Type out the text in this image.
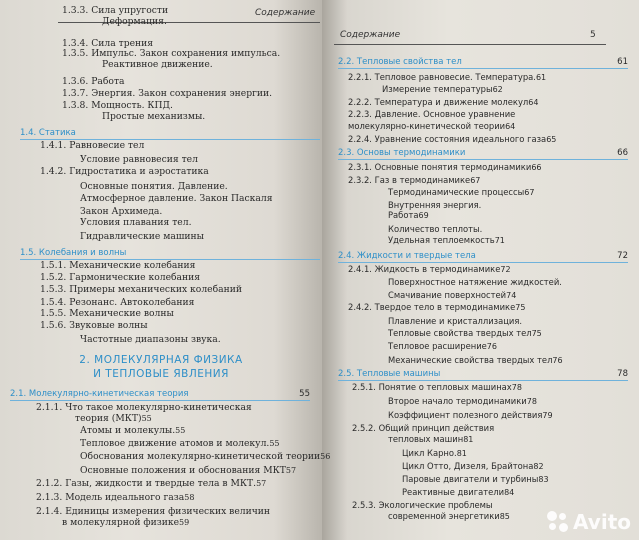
Содержание
1.3.3. Сила упругости
Деформация.
1.3.4. Сила трения
1.3.5. Импульс. Закон сохранения импульса.
Реактивное движение.
1.3.6. Работа
1.3.7. Энергия. Закон сохранения энергии.
1.3.8. Мощность. КПД.
Простые механизмы.
1.4. Статика
1.4.1. Равновесие тел
Условие равновесия тел
1.4.2. Гидростатика и аэростатика
Основные понятия. Давление.
Атмосферное давление. Закон Паскаля
Закон Архимеда.
Условия плавания тел.
Гидравлические машины
1.5. Колебания и волны
1.5.1. Механические колебания
1.5.2. Гармонические колебания
1.5.3. Примеры механических колебаний
1.5.4. Резонанс. Автоколебания
1.5.5. Механические волны
1.5.6. Звуковые волны
Частотные диапазоны звука.
2. МОЛЕКУЛЯРНАЯ ФИЗИКА
И ТЕПЛОВЫЕ ЯВЛЕНИЯ
2.1. Молекулярно-кинетическая теория	55
2.1.1. Что такое молекулярно-кинетическая
теория (МКТ)55
Атомы и молекулы.55
Тепловое движение атомов и молекул.55
Обоснования молекулярно-кинетической теории56
Основные положения и обоснования МКТ57
2.1.2. Газы, жидкости и твердые тела в МКТ.57
2.1.3. Модель идеального газа58
2.1.4. Единицы измерения физических величин
в молекулярной физике59
Содержание	5
2.2. Тепловые свойства тел	61
2.2.1. Тепловое равновесие. Температура.61
Измерение температуры62
2.2.2. Температура и движение молекул64
2.2.3. Давление. Основное уравнение
молекулярно-кинетической теории64
2.2.4. Уравнение состояния идеального газа65
2.3. Основы термодинамики	66
2.3.1. Основные понятия термодинамики66
2.3.2. Газ в термодинамике67
Термодинамические процессы67
Внутренняя энергия.
Работа69
Количество теплоты.
Удельная теплоемкость71
2.4. Жидкости и твердые тела	72
2.4.1. Жидкость в термодинамике72
Поверхностное натяжение жидкостей.
Смачивание поверхностей74
2.4.2. Твердое тело в термодинамике75
Плавление и кристаллизация.
Тепловые свойства твердых тел75
Тепловое расширение76
Механические свойства твердых тел76
2.5. Тепловые машины	78
2.5.1. Понятие о тепловых машинах78
Второе начало термодинамики78
Коэффициент полезного действия79
2.5.2. Общий принцип действия
тепловых машин81
Цикл Карно.81
Цикл Отто, Дизеля, Брайтона82
Паровые двигатели и турбины83
Реактивные двигатели84
2.5.3. Экологические проблемы
современной энергетики85	Avito
